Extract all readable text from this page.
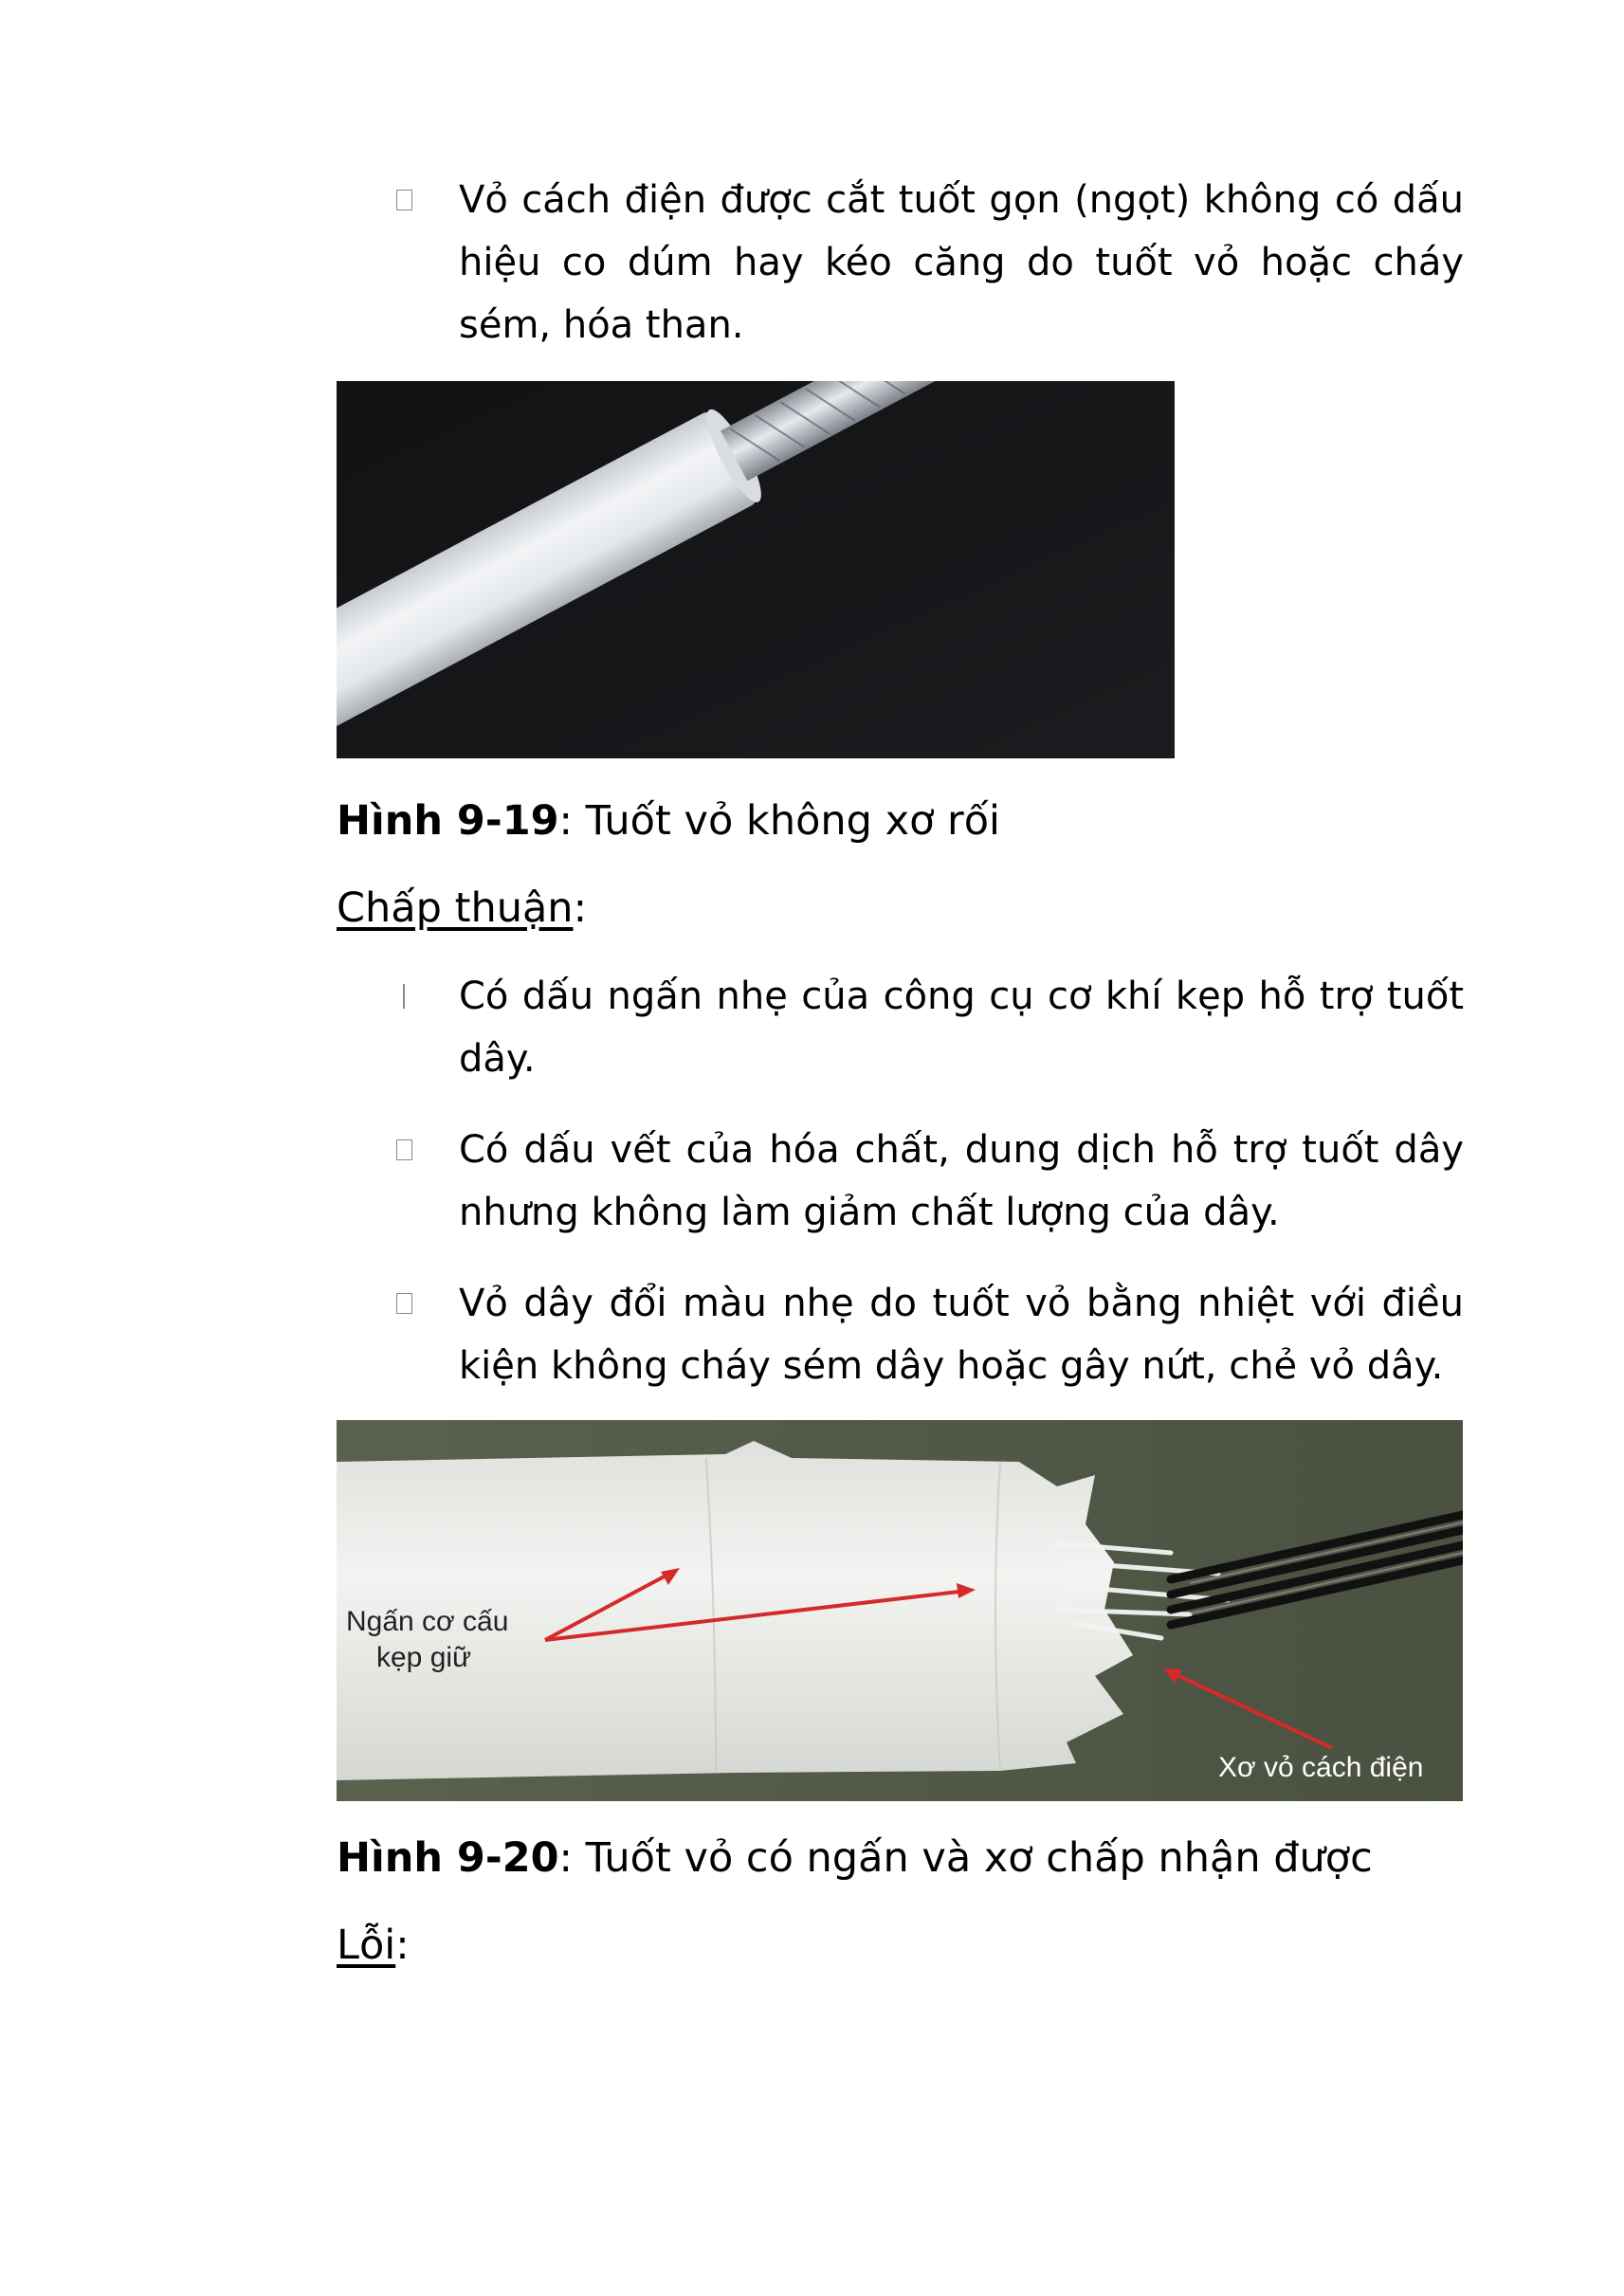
Vỏ cách điện được cắt tuốt gọn (ngọt) không có dấu hiệu co dúm hay kéo căng do tuốt vỏ hoặc cháy sém, hóa than.
Hình 9-19: Tuốt vỏ không xơ rối
Chấp thuận:
Có dấu ngấn nhẹ của công cụ cơ khí kẹp hỗ trợ tuốt dây.
Có dấu vết của hóa chất, dung dịch hỗ trợ tuốt dây nhưng không làm giảm chất lượng của dây.
Vỏ dây đổi màu nhẹ do tuốt vỏ bằng nhiệt với điều kiện không cháy sém dây hoặc gây nứt, chẻ vỏ dây.
Ngấn cơ cấu
kẹp giữ
Xơ vỏ cách điện
Hình 9-20: Tuốt vỏ có ngấn và xơ chấp nhận được
Lỗi:
